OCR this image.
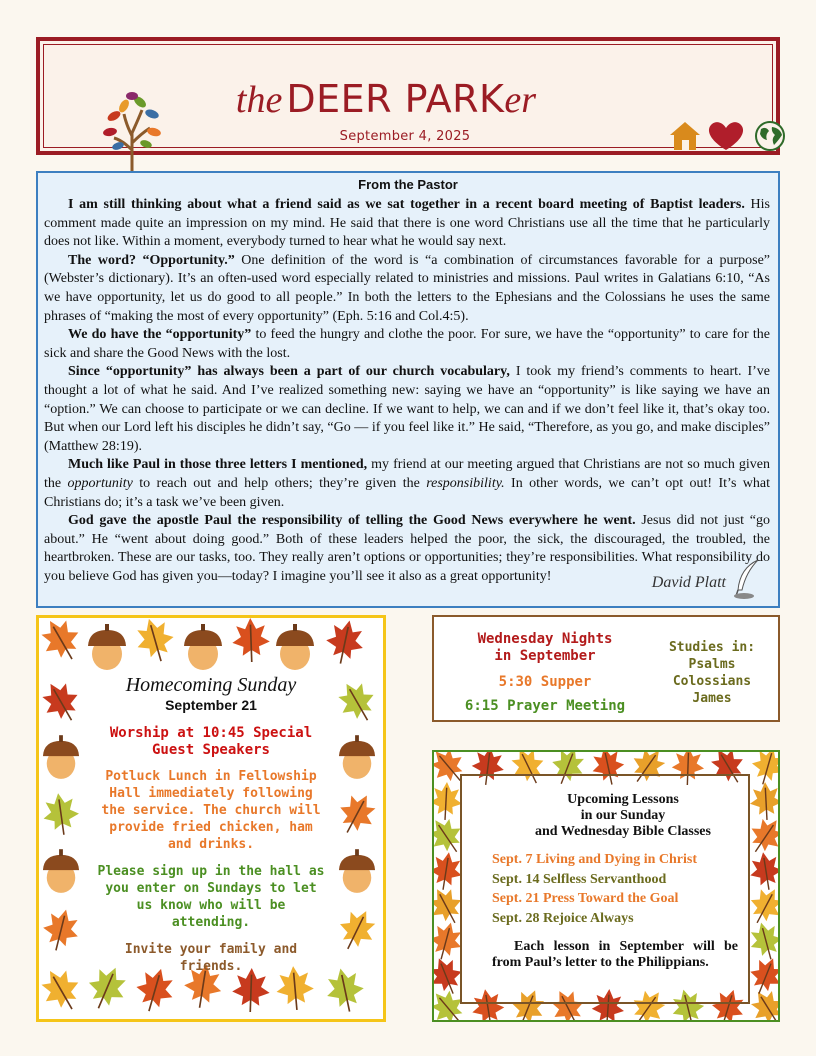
the DEER PARKer
September 4, 2025
From the Pastor

I am still thinking about what a friend said as we sat together in a recent board meeting of Baptist leaders. His comment made quite an impression on my mind. He said that there is one word Christians use all the time that he particularly does not like. Within a moment, everybody turned to hear what he would say next.

The word? “Opportunity.” One definition of the word is “a combination of circumstances favorable for a purpose” (Webster’s dictionary). It’s an often-used word especially related to ministries and missions. Paul writes in Galatians 6:10, “As we have opportunity, let us do good to all people.” In both the letters to the Ephesians and the Colossians he uses the same phrases of “making the most of every opportunity” (Eph. 5:16 and Col.4:5).

We do have the “opportunity” to feed the hungry and clothe the poor. For sure, we have the “opportunity” to care for the sick and share the Good News with the lost.

Since “opportunity” has always been a part of our church vocabulary, I took my friend’s comments to heart. I’ve thought a lot of what he said. And I’ve realized something new: saying we have an “opportunity” is like saying we have an “option.” We can choose to participate or we can decline. If we want to help, we can and if we don’t feel like it, that’s okay too. But when our Lord left his disciples he didn’t say, “Go — if you feel like it.” He said, “Therefore, as you go, and make disciples” (Matthew 28:19).

Much like Paul in those three letters I mentioned, my friend at our meeting argued that Christians are not so much given the opportunity to reach out and help others; they’re given the responsibility. In other words, we can’t opt out! It’s what Christians do; it’s a task we’ve been given.

God gave the apostle Paul the responsibility of telling the Good News everywhere he went. Jesus did not just “go about.” He “went about doing good.” Both of these leaders helped the poor, the sick, the discouraged, the troubled, the heartbroken. These are our tasks, too. They really aren’t options or opportunities; they’re responsibilities. What responsibility do you believe God has given you—today? I imagine you’ll see it also as a great opportunity!	David Platt
Homecoming Sunday
September 21
Worship at 10:45 Special Guest Speakers
Potluck Lunch in Fellowship Hall immediately following the service. The church will provide fried chicken, ham and drinks.
Please sign up in the hall as you enter on Sundays to let us know who will be attending.
Invite your family and friends.
Wednesday Nights
in September
5:30 Supper
6:15 Prayer Meeting
Studies in:
Psalms
Colossians
James
Upcoming Lessons
in our Sunday
and Wednesday Bible Classes
Sept. 7 Living and Dying in Christ
Sept. 14 Selfless Servanthood
Sept. 21 Press Toward the Goal
Sept. 28 Rejoice Always
Each lesson in September will be from Paul’s letter to the Philippians.
